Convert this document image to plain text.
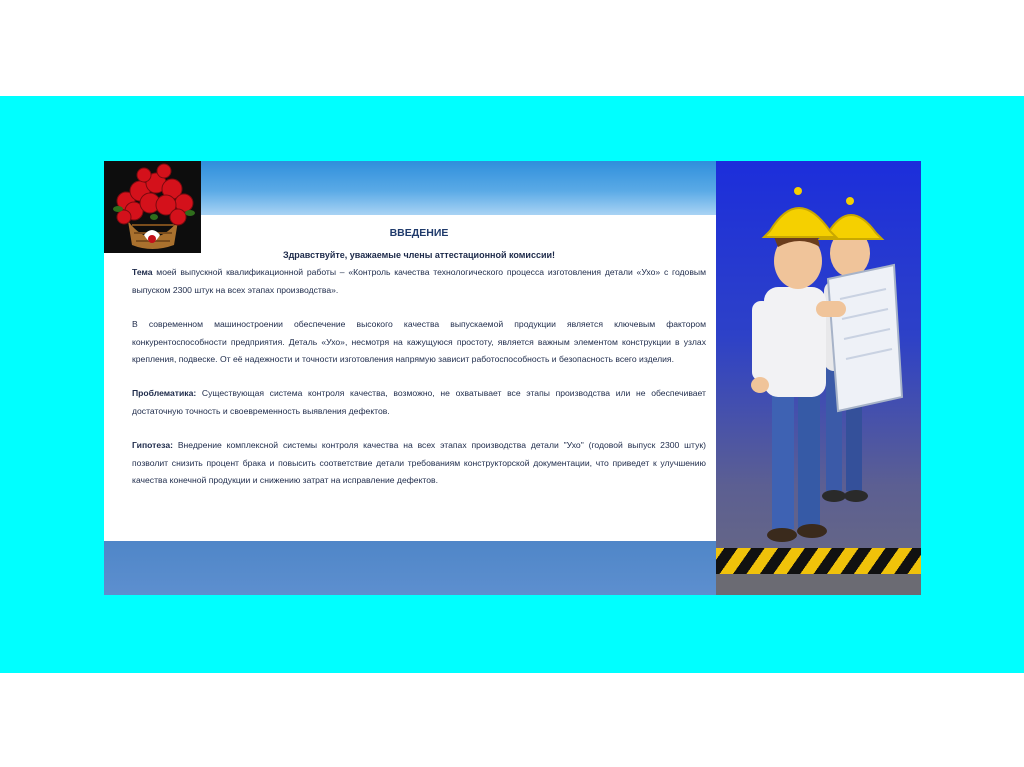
ВВЕДЕНИЕ

Здравствуйте, уважаемые члены аттестационной комиссии!

Тема моей выпускной квалификационной работы – «Контроль качества технологического процесса изготовления детали «Ухо» с годовым выпуском 2300 штук на всех этапах производства».

В современном машиностроении обеспечение высокого качества выпускаемой продукции является ключевым фактором конкурентоспособности предприятия. Деталь «Ухо», несмотря на кажущуюся простоту, является важным элементом конструкции в узлах крепления, подвеске. От её надежности и точности изготовления напрямую зависит работоспособность и безопасность всего изделия.

Проблематика: Существующая система контроля качества, возможно, не охватывает все этапы производства или не обеспечивает достаточную точность и своевременность выявления дефектов.

Гипотеза: Внедрение комплексной системы контроля качества на всех этапах производства детали "Ухо" (годовой выпуск 2300 штук) позволит снизить процент брака и повысить соответствие детали требованиям конструкторской документации, что приведет к улучшению качества конечной продукции и снижению затрат на исправление дефектов.
